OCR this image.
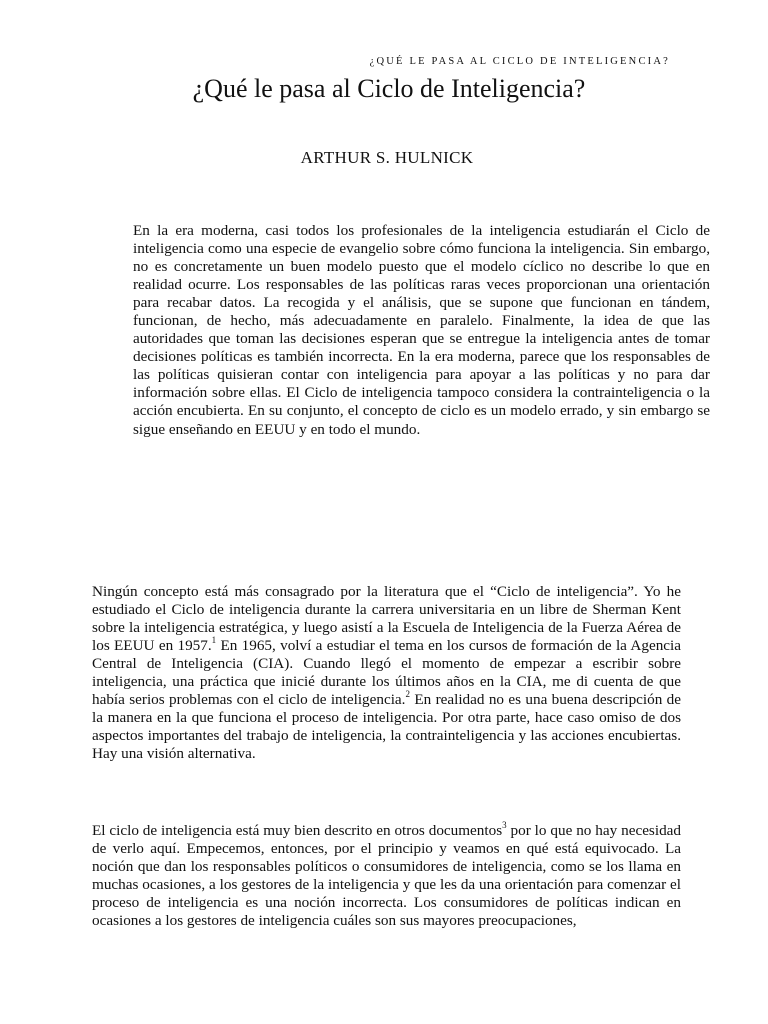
¿QUÉ LE PASA AL CICLO DE INTELIGENCIA?
¿Qué le pasa al Ciclo de Inteligencia?
ARTHUR S. HULNICK

En la era moderna, casi todos los profesionales de la inteligencia estudiarán el Ciclo de inteligencia como una especie de evangelio sobre cómo funciona la inteligencia. Sin embargo, no es concretamente un buen modelo puesto que el modelo cíclico no describe lo que en realidad ocurre. Los responsables de las políticas raras veces proporcionan una orientación para recabar datos. La recogida y el análisis, que se supone que funcionan en tándem, funcionan, de hecho, más adecuadamente en paralelo. Finalmente, la idea de que las autoridades que toman las decisiones esperan que se entregue la inteligencia antes de tomar decisiones políticas es también incorrecta. En la era moderna, parece que los responsables de las políticas quisieran contar con inteligencia para apoyar a las políticas y no para dar información sobre ellas. El Ciclo de inteligencia tampoco considera la contrainteligencia o la acción encubierta. En su conjunto, el concepto de ciclo es un modelo errado, y sin embargo se sigue enseñando en EEUU y en todo el mundo.

Ningún concepto está más consagrado por la literatura que el “Ciclo de inteligencia”. Yo he estudiado el Ciclo de inteligencia durante la carrera universitaria en un libre de Sherman Kent sobre la inteligencia estratégica, y luego asistí a la Escuela de Inteligencia de la Fuerza Aérea de los EEUU en 1957.$^1$ En 1965, volví a estudiar el tema en los cursos de formación de la Agencia Central de Inteligencia (CIA). Cuando llegó el momento de empezar a escribir sobre inteligencia, una práctica que inicié durante los últimos años en la CIA, me di cuenta de que había serios problemas con el ciclo de inteligencia.$^2$ En realidad no es una buena descripción de la manera en la que funciona el proceso de inteligencia. Por otra parte, hace caso omiso de dos aspectos importantes del trabajo de inteligencia, la contrainteligencia y las acciones encubiertas. Hay una visión alternativa.

El ciclo de inteligencia está muy bien descrito en otros documentos$^3$ por lo que no hay necesidad de verlo aquí. Empecemos, entonces, por el principio y veamos en qué está equivocado. La noción que dan los responsables políticos o consumidores de inteligencia, como se los llama en muchas ocasiones, a los gestores de la inteligencia y que les da una orientación para comenzar el proceso de inteligencia es una noción incorrecta. Los consumidores de políticas indican en ocasiones a los gestores de inteligencia cuáles son sus mayores preocupaciones,
